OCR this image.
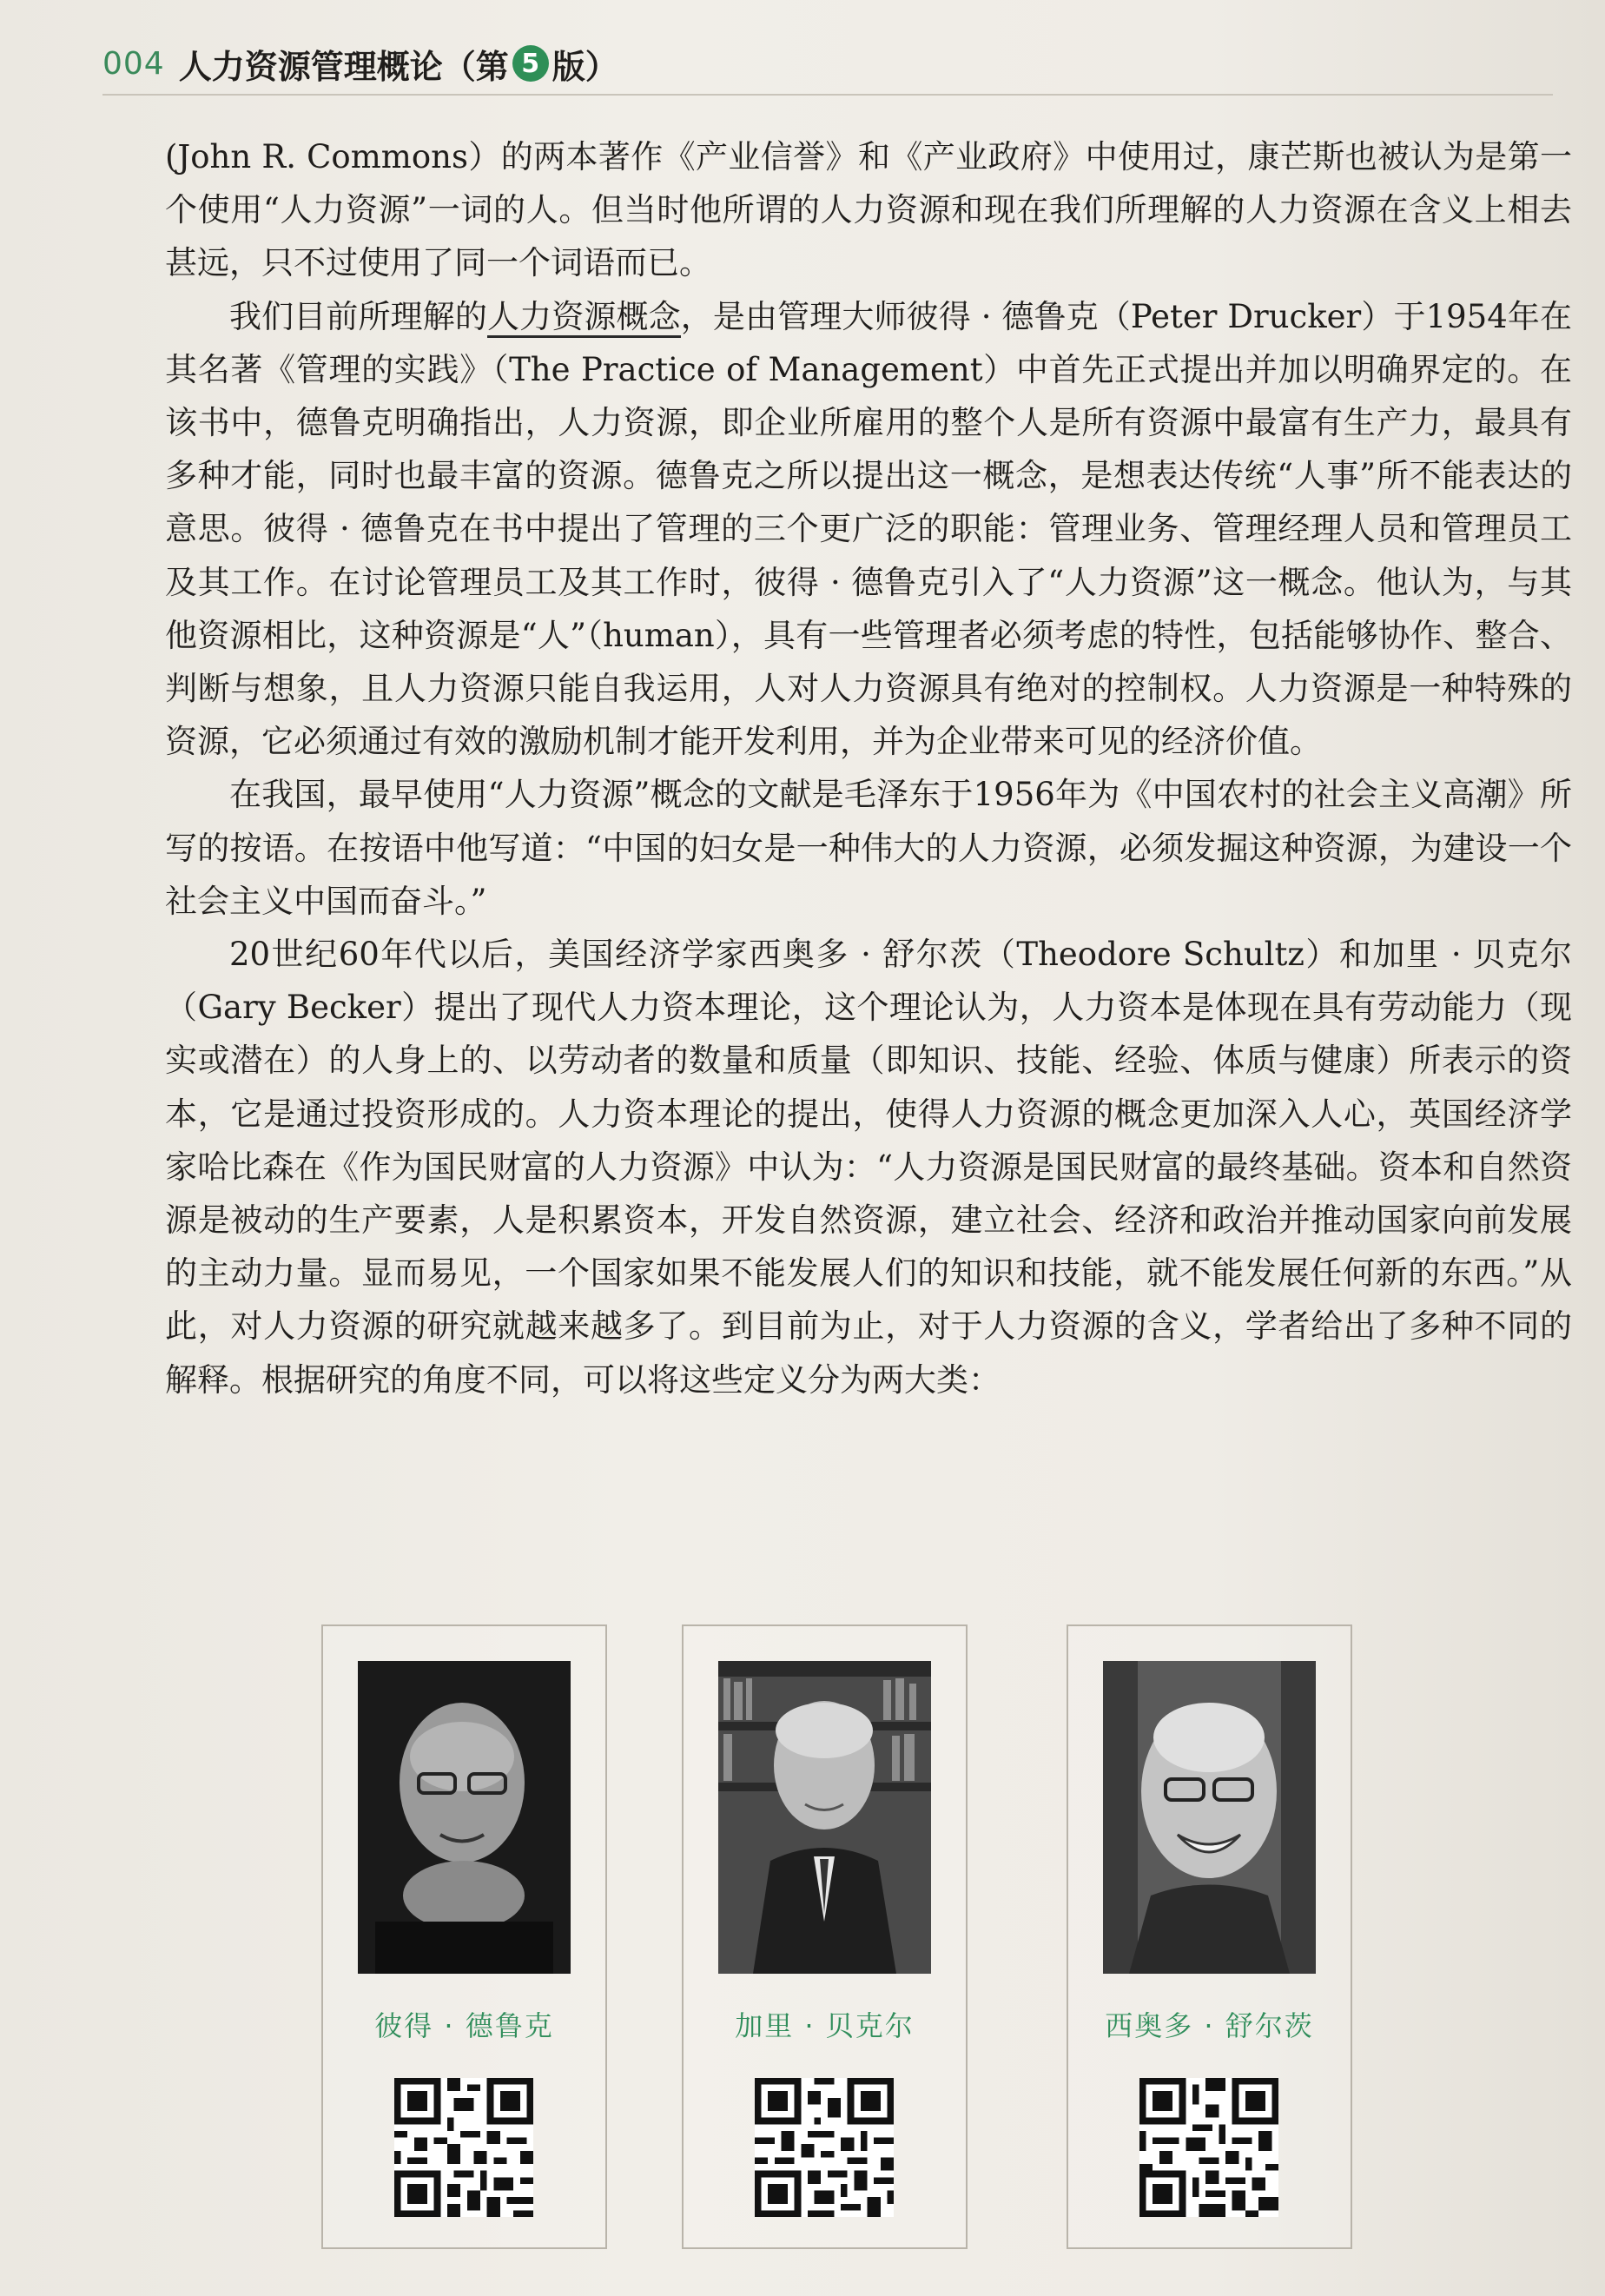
004 人力资源管理概论（第 5 版）

(John R. Commons）的两本著作《产业信誉》和《产业政府》中使用过，康芒斯也被认为是第一个使用“人力资源”一词的人。但当时他所谓的人力资源和现在我们所理解的人力资源在含义上相去甚远，只不过使用了同一个词语而已。

我们目前所理解的人力资源概念，是由管理大师彼得 · 德鲁克（Peter Drucker）于1954年在其名著《管理的实践》（The Practice of Management）中首先正式提出并加以明确界定的。在该书中，德鲁克明确指出，人力资源，即企业所雇用的整个人是所有资源中最富有生产力，最具有多种才能，同时也最丰富的资源。德鲁克之所以提出这一概念，是想表达传统“人事”所不能表达的意思。彼得 · 德鲁克在书中提出了管理的三个更广泛的职能：管理业务、管理经理人员和管理员工及其工作。在讨论管理员工及其工作时，彼得 · 德鲁克引入了“人力资源”这一概念。他认为，与其他资源相比，这种资源是“人”（human），具有一些管理者必须考虑的特性，包括能够协作、整合、判断与想象，且人力资源只能自我运用，人对人力资源具有绝对的控制权。人力资源是一种特殊的资源，它必须通过有效的激励机制才能开发利用，并为企业带来可见的经济价值。

在我国，最早使用“人力资源”概念的文献是毛泽东于1956年为《中国农村的社会主义高潮》所写的按语。在按语中他写道：“中国的妇女是一种伟大的人力资源，必须发掘这种资源，为建设一个社会主义中国而奋斗。”

20世纪60年代以后，美国经济学家西奥多 · 舒尔茨（Theodore Schultz）和加里 · 贝克尔（Gary Becker）提出了现代人力资本理论，这个理论认为，人力资本是体现在具有劳动能力（现实或潜在）的人身上的、以劳动者的数量和质量（即知识、技能、经验、体质与健康）所表示的资本，它是通过投资形成的。人力资本理论的提出，使得人力资源的概念更加深入人心，英国经济学家哈比森在《作为国民财富的人力资源》中认为：“人力资源是国民财富的最终基础。资本和自然资源是被动的生产要素，人是积累资本，开发自然资源，建立社会、经济和政治并推动国家向前发展的主动力量。显而易见，一个国家如果不能发展人们的知识和技能，就不能发展任何新的东西。”从此，对人力资源的研究就越来越多了。到目前为止，对于人力资源的含义，学者给出了多种不同的解释。根据研究的角度不同，可以将这些定义分为两大类：

彼得 · 德鲁克	加里 · 贝克尔	西奥多 · 舒尔茨
